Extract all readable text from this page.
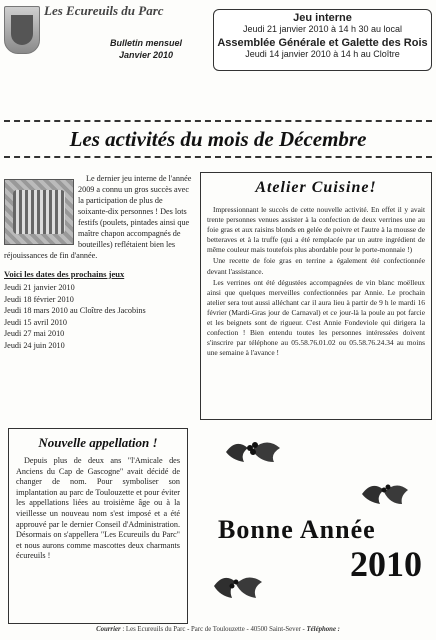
Les Ecureuils du Parc
Bulletin mensuel
Janvier 2010
Jeu interne
Jeudi 21 janvier 2010 à 14 h 30 au local
Assemblée Générale et Galette des Rois
Jeudi 14 janvier 2010 à 14 h au Cloître
Les activités du mois de Décembre

Le dernier jeu interne de l'année 2009 a connu un gros succès avec la participation de plus de soixante-dix personnes ! Des lots festifs (poulets, pintades ainsi que maître chapon accompagnés de bouteilles) reflétaient bien les réjouissances de fin d'année.

Voici les dates des prochains jeux
Jeudi 21 janvier 2010
Jeudi 18 février 2010
Jeudi 18 mars 2010 au Cloître des Jacobins
Jeudi 15 avril 2010
Jeudi 27 mai 2010
Jeudi 24 juin 2010
Atelier Cuisine!

Impressionnant le succès de cette nouvelle activité. En effet il y avait trente personnes venues assister à la confection de deux verrines une au foie gras et aux raisins blonds en gelée de poivre et l'autre à la mousse de betteraves et à la truffe (qui a été remplacée par un autre ingrédient de même couleur mais toutefois plus abordable pour le porte-monnaie !)

Une recette de foie gras en terrine a également été confectionnée devant l'assistance.

Les verrines ont été dégustées accompagnées de vin blanc moëlleux ainsi que quelques merveilles confectionnées par Annie. Le prochain atelier sera tout aussi alléchant car il aura lieu à partir de 9 h le mardi 16 février (Mardi-Gras jour de Carnaval) et ce jour-là la poule au pot farcie et les beignets sont de rigueur. C'est Annie Fondeviole qui dirigera la confection ! Bien entendu toutes les personnes intéressées doivent s'inscrire par téléphone au 05.58.76.01.02 ou 05.58.76.24.34 au moins une semaine à l'avance !

Nouvelle appellation !

Depuis plus de deux ans "l'Amicale des Anciens du Cap de Gascogne" avait décidé de changer de nom. Pour symboliser son implantation au parc de Toulouzette et pour éviter les appellations liées au troisième âge ou à la vieillesse un nouveau nom s'est imposé et a été approuvé par le dernier Conseil d'Administration. Désormais on s'appellera "Les Ecureuils du Parc" et nous aurons comme mascottes deux charmants écureuils !

Bonne Année
2010
Courrier : Les Ecureuils du Parc - Parc de Toulouzette - 40500 Saint-Sever - Téléphone :
